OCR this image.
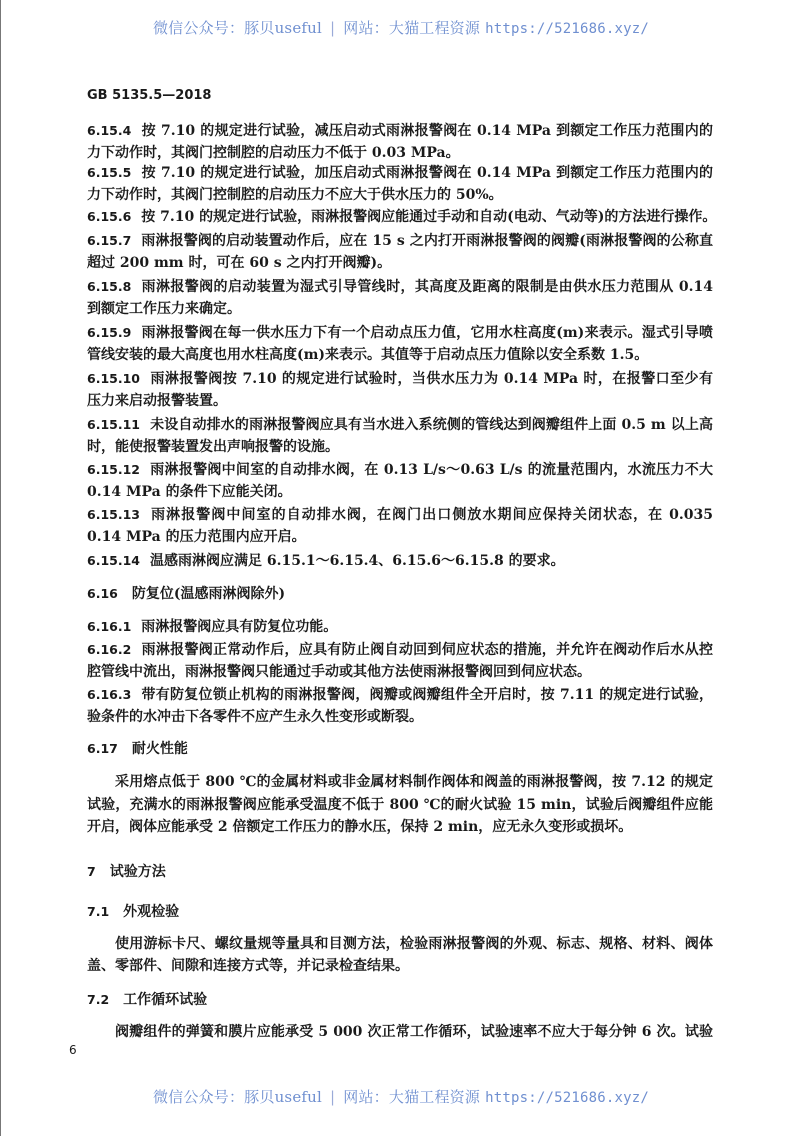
微信公众号：豚贝useful | 网站：大猫工程资源 https://521686.xyz/
GB 5135.5—2018
6.15.4 按 7.10 的规定进行试验，减压启动式雨淋报警阀在 0.14 MPa 到额定工作压力范围内的
力下动作时，其阀门控制腔的启动压力不低于 0.03 MPa。
6.15.5 按 7.10 的规定进行试验，加压启动式雨淋报警阀在 0.14 MPa 到额定工作压力范围内的
力下动作时，其阀门控制腔的启动压力不应大于供水压力的 50%。
6.15.6 按 7.10 的规定进行试验，雨淋报警阀应能通过手动和自动(电动、气动等)的方法进行操作。
6.15.7 雨淋报警阀的启动装置动作后，应在 15 s 之内打开雨淋报警阀的阀瓣(雨淋报警阀的公称直
超过 200 mm 时，可在 60 s 之内打开阀瓣)。
6.15.8 雨淋报警阀的启动装置为湿式引导管线时，其高度及距离的限制是由供水压力范围从 0.14
到额定工作压力来确定。
6.15.9 雨淋报警阀在每一供水压力下有一个启动点压力值，它用水柱高度(m)来表示。湿式引导喷
管线安装的最大高度也用水柱高度(m)来表示。其值等于启动点压力值除以安全系数 1.5。
6.15.10 雨淋报警阀按 7.10 的规定进行试验时，当供水压力为 0.14 MPa 时，在报警口至少有
压力来启动报警装置。
6.15.11 未设自动排水的雨淋报警阀应具有当水进入系统侧的管线达到阀瓣组件上面 0.5 m 以上高
时，能使报警装置发出声响报警的设施。
6.15.12 雨淋报警阀中间室的自动排水阀，在 0.13 L/s～0.63 L/s 的流量范围内，水流压力不大
0.14 MPa 的条件下应能关闭。
6.15.13 雨淋报警阀中间室的自动排水阀，在阀门出口侧放水期间应保持关闭状态，在 0.035
0.14 MPa 的压力范围内应开启。
6.15.14 温感雨淋阀应满足 6.15.1～6.15.4、6.15.6～6.15.8 的要求。
6.16 防复位(温感雨淋阀除外)
6.16.1 雨淋报警阀应具有防复位功能。
6.16.2 雨淋报警阀正常动作后，应具有防止阀自动回到伺应状态的措施，并允许在阀动作后水从控
腔管线中流出，雨淋报警阀只能通过手动或其他方法使雨淋报警阀回到伺应状态。
6.16.3 带有防复位锁止机构的雨淋报警阀，阀瓣或阀瓣组件全开启时，按 7.11 的规定进行试验，
验条件的水冲击下各零件不应产生永久性变形或断裂。
6.17 耐火性能
采用熔点低于 800 ℃的金属材料或非金属材料制作阀体和阀盖的雨淋报警阀，按 7.12 的规定
试验，充满水的雨淋报警阀应能承受温度不低于 800 ℃的耐火试验 15 min，试验后阀瓣组件应能
开启，阀体应能承受 2 倍额定工作压力的静水压，保持 2 min，应无永久变形或损坏。
7 试验方法
7.1 外观检验
使用游标卡尺、螺纹量规等量具和目测方法，检验雨淋报警阀的外观、标志、规格、材料、阀体
盖、零部件、间隙和连接方式等，并记录检查结果。
7.2 工作循环试验
阀瓣组件的弹簧和膜片应能承受 5 000 次正常工作循环，试验速率不应大于每分钟 6 次。试验
6
微信公众号：豚贝useful | 网站：大猫工程资源 https://521686.xyz/
